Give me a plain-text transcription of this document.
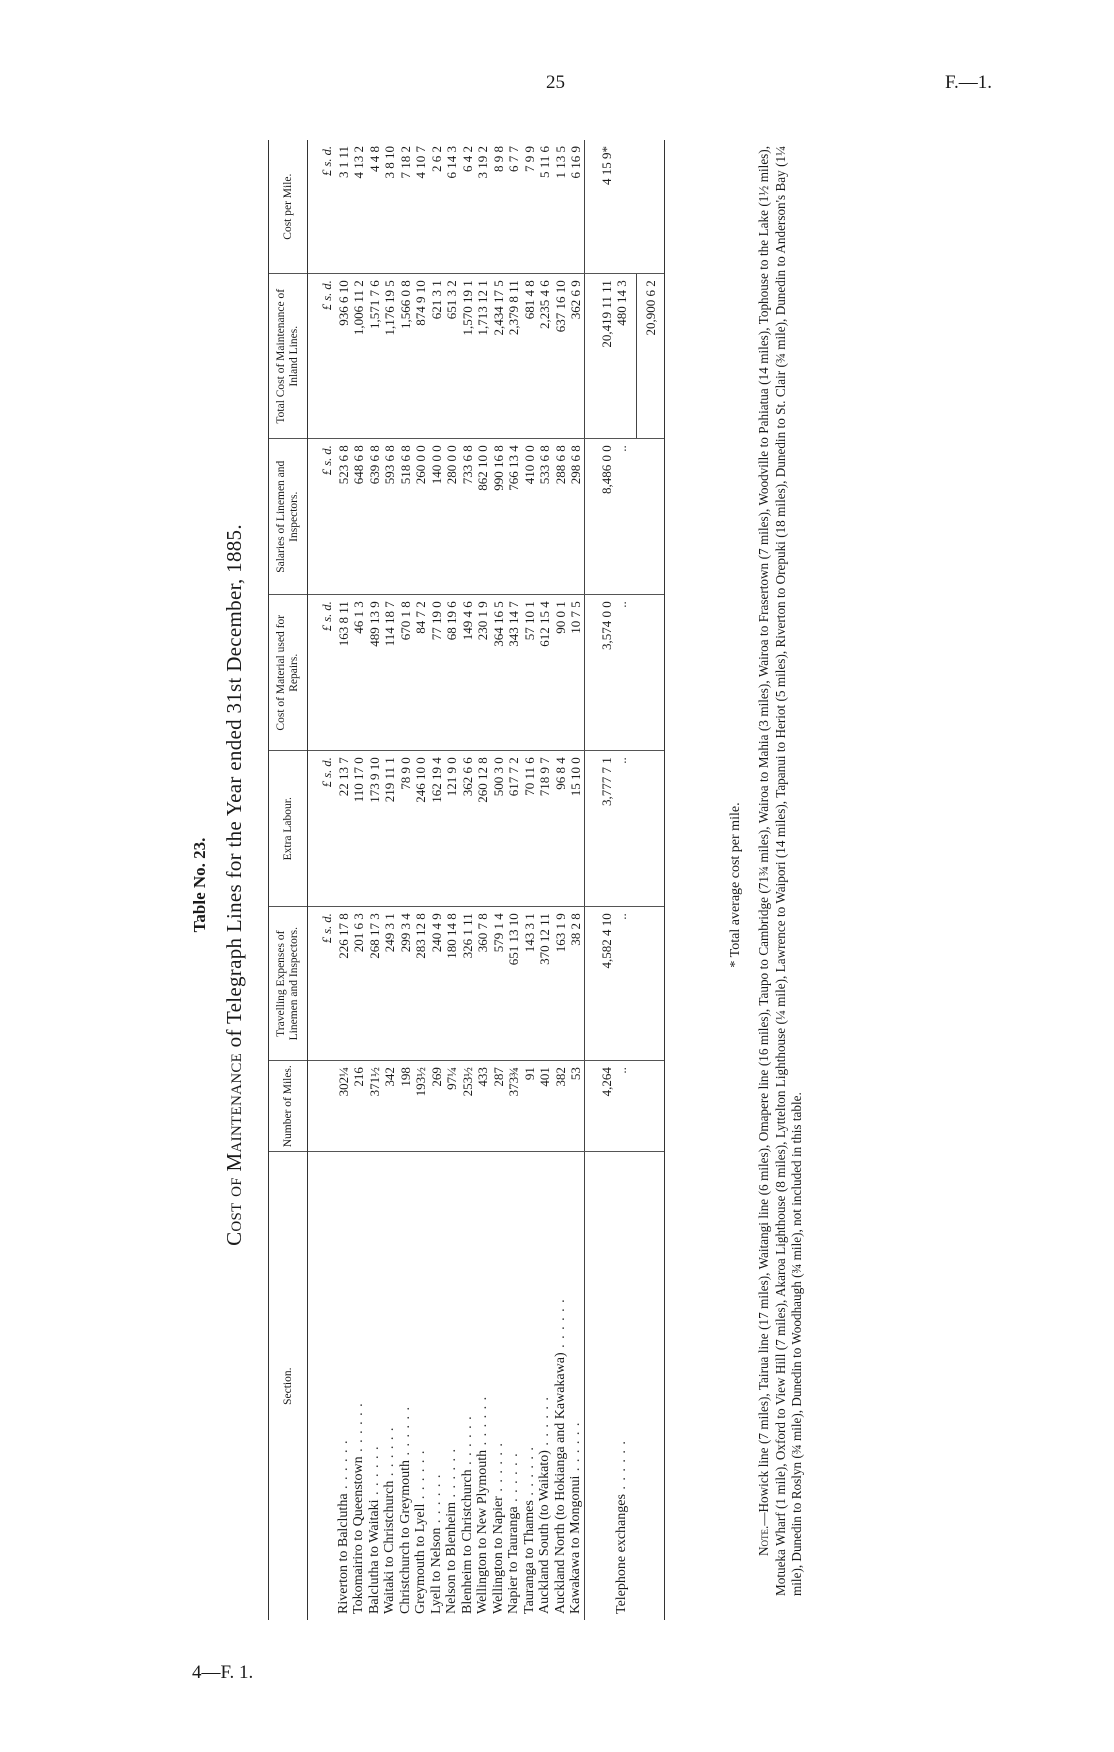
25	F.—1.
4—F. 1.
Table No. 23.
Cost of Maintenance of Telegraph Lines for the Year ended 31st December, 1885.
Section.	Number of Miles.	Travelling Expenses of Linemen and Inspectors.	Extra Labour.	Cost of Material used for Repairs.	Salaries of Linemen and Inspectors.	Total Cost of Maintenance of Inland Lines.	Cost per Mile.
		£ s. d.	£ s. d.	£ s. d.	£ s. d.	£ s. d.	£ s. d.
Riverton to Balclutha . . . . . .	302¼	226 17 8	22 13 7	163 8 11	523 6 8	936 6 10	3 1 11
Tokomairiro to Queenstown . . . . . .	216	201 6 3	110 17 0	46 1 3	648 6 8	1,006 11 2	4 13 2
Balclutha to Waitaki . . . . . .	371½	268 17 3	173 9 10	489 13 9	639 6 8	1,571 7 6	4 4 8
Waitaki to Christchurch . . . . . .	342	249 3 1	219 11 1	114 18 7	593 6 8	1,176 19 5	3 8 10
Christchurch to Greymouth . . . . . .	198	299 3 4	78 9 0	670 1 8	518 6 8	1,566 0 8	7 18 2
Greymouth to Lyell . . . . . .	193½	283 12 8	246 10 0	84 7 2	260 0 0	874 9 10	4 10 7
Lyell to Nelson . . . . . .	269	240 4 9	162 19 4	77 19 0	140 0 0	621 3 1	2 6 2
Nelson to Blenheim . . . . . .	97¼	180 14 8	121 9 0	68 19 6	280 0 0	651 3 2	6 14 3
Blenheim to Christchurch . . . . . .	253½	326 1 11	362 6 6	149 4 6	733 6 8	1,570 19 1	6 4 2
Wellington to New Plymouth . . . . . .	433	360 7 8	260 12 8	230 1 9	862 10 0	1,713 12 1	3 19 2
Wellington to Napier . . . . . .	287	579 1 4	500 3 0	364 16 5	990 16 8	2,434 17 5	8 9 8
Napier to Tauranga . . . . . .	373¾	651 13 10	617 7 2	343 14 7	766 13 4	2,379 8 11	6 7 7
Tauranga to Thames . . . . . .	91	143 3 1	70 11 6	57 10 1	410 0 0	681 4 8	7 9 9
Auckland South (to Waikato) . . . . . .	401	370 12 11	718 9 7	612 15 4	533 6 8	2,235 4 6	5 11 6
Auckland North (to Hokianga and Kawakawa) . . . . . .	382	163 1 9	96 8 4	90 0 1	288 6 8	637 16 10	1 13 5
Kawakawa to Mongonui . . . . . .	53	38 2 8	15 10 0	10 7 5	298 6 8	362 6 9	6 16 9
	4,264	4,582 4 10	3,777 7 1	3,574 0 0	8,486 0 0	20,419 11 11	4 15 9*
Telephone exchanges . . . . . .	..	..	..	..	..	480 14 3	
						20,900 6 2	
* Total average cost per mile.
Note.—Howick line (7 miles), Tairua line (17 miles), Waitangi line (6 miles), Omapere line (16 miles), Taupo to Cambridge (71¾ miles), Wairoa to Mahia (3 miles), Wairoa to Frasertown (7 miles), Woodville to Pahiatua (14 miles), Tophouse to the Lake (1½ miles), Motueka Wharf (1 mile), Oxford to View Hill (7 miles), Akaroa Lighthouse (8 miles), Lyttelton Lighthouse (¼ mile), Lawrence to Waipori (14 miles), Tapanui to Heriot (5 miles), Riverton to Orepuki (18 miles), Dunedin to St. Clair (¾ mile), Dunedin to Anderson's Bay (1¼ mile), Dunedin to Roslyn (¾ mile), Dunedin to Woodhaugh (¾ mile), not included in this table.
